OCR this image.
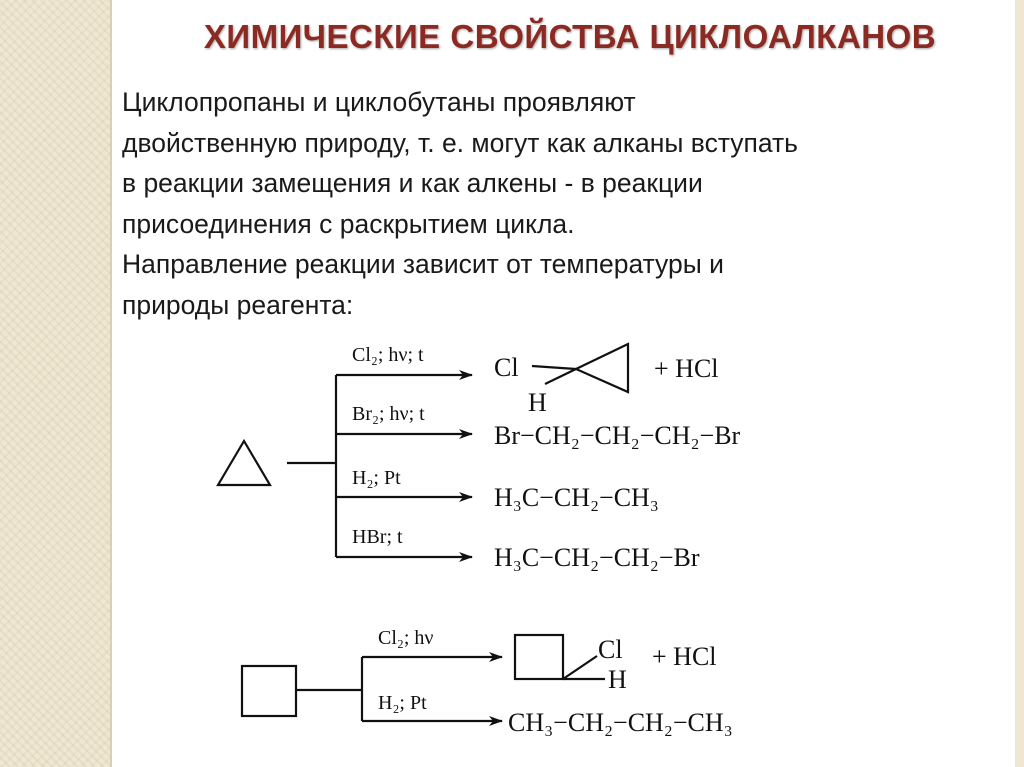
ХИМИЧЕСКИЕ СВОЙСТВА ЦИКЛОАЛКАНОВ
Циклопропаны и циклобутаны проявляют
двойственную природу, т. е. могут как алканы вступать
в реакции замещения и как алкены - в реакции
присоединения с раскрытием цикла.
Направление реакции зависит от температуры и
природы реагента:
Cl₂; hν; t
Br₂; hν; t
H₂; Pt
HBr; t
Cl₂; hν
H₂; Pt
Cl
H
+ HCl
Br−CH₂−CH₂−CH₂−Br
H₃C−CH₂−CH₃
H₃C−CH₂−CH₂−Br
Cl
H
+ HCl
CH₃−CH₂−CH₂−CH₃
